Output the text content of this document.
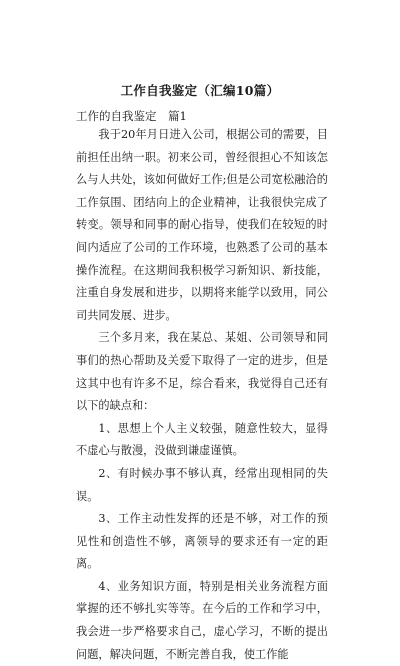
工作自我鉴定（汇编10篇）
工作的自我鉴定　篇1

我于20年月日进入公司，根据公司的需要，目前担任出纳一职。初来公司，曾经很担心不知该怎么与人共处，该如何做好工作;但是公司宽松融洽的工作氛围、团结向上的企业精神，让我很快完成了转变。领导和同事的耐心指导，使我们在较短的时间内适应了公司的工作环境，也熟悉了公司的基本操作流程。在这期间我积极学习新知识、新技能，注重自身发展和进步，以期将来能学以致用，同公司共同发展、进步。

三个多月来，我在某总、某姐、公司领导和同事们的热心帮助及关爱下取得了一定的进步，但是这其中也有许多不足，综合看来，我觉得自己还有以下的缺点和：

1、思想上个人主义较强，随意性较大，显得不虚心与散漫，没做到谦虚谨慎。

2、有时候办事不够认真，经常出现相同的失误。

3、工作主动性发挥的还是不够，对工作的预见性和创造性不够，离领导的要求还有一定的距离。

4、业务知识方面，特别是相关业务流程方面掌握的还不够扎实等等。在今后的工作和学习中，我会进一步严格要求自己，虚心学习，不断的提出问题，解决问题，不断完善自我，使工作能
